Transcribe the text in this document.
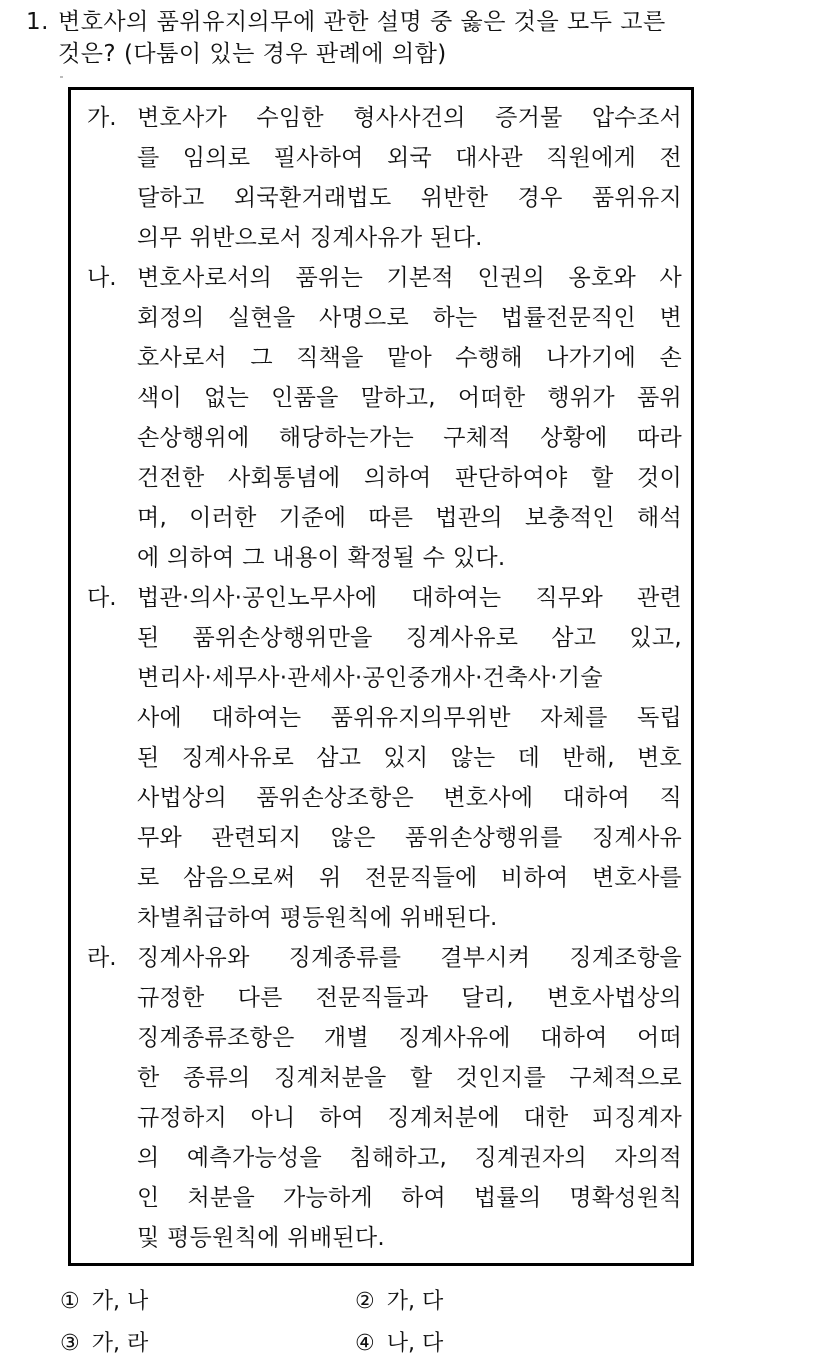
1. 변호사의 품위유지의무에 관한 설명 중 옳은 것을 모두 고른
것은? (다툼이 있는 경우 판례에 의함)
가. 변호사가 수임한 형사사건의 증거물 압수조서
를 임의로 필사하여 외국 대사관 직원에게 전
달하고 외국환거래법도 위반한 경우 품위유지
의무 위반으로서 징계사유가 된다.
나. 변호사로서의 품위는 기본적 인권의 옹호와 사
회정의 실현을 사명으로 하는 법률전문직인 변
호사로서 그 직책을 맡아 수행해 나가기에 손
색이 없는 인품을 말하고, 어떠한 행위가 품위
손상행위에 해당하는가는 구체적 상황에 따라
건전한 사회통념에 의하여 판단하여야 할 것이
며, 이러한 기준에 따른 법관의 보충적인 해석
에 의하여 그 내용이 확정될 수 있다.
다. 법관·의사·공인노무사에 대하여는 직무와 관련
된 품위손상행위만을 징계사유로 삼고 있고,
변리사·세무사·관세사·공인중개사·건축사·기술
사에 대하여는 품위유지의무위반 자체를 독립
된 징계사유로 삼고 있지 않는 데 반해, 변호
사법상의 품위손상조항은 변호사에 대하여 직
무와 관련되지 않은 품위손상행위를 징계사유
로 삼음으로써 위 전문직들에 비하여 변호사를
차별취급하여 평등원칙에 위배된다.
라. 징계사유와 징계종류를 결부시켜 징계조항을
규정한 다른 전문직들과 달리, 변호사법상의
징계종류조항은 개별 징계사유에 대하여 어떠
한 종류의 징계처분을 할 것인지를 구체적으로
규정하지 아니 하여 징계처분에 대한 피징계자
의 예측가능성을 침해하고, 징계권자의 자의적
인 처분을 가능하게 하여 법률의 명확성원칙
및 평등원칙에 위배된다.
① 가, 나	② 가, 다
③ 가, 라	④ 나, 다
